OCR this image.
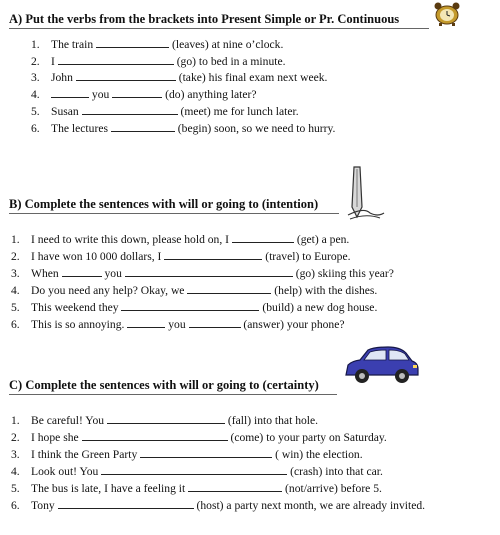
A) Put the verbs from the brackets into Present Simple or Pr. Continuous
1. The train	(leaves) at nine o’clock.
2. I	(go) to bed in a minute.
3. John	(take) his final exam next week.
4.	you	(do) anything later?
5. Susan	(meet) me for lunch later.
6. The lectures	(begin) soon, so we need to hurry.
B) Complete the sentences with will or going to (intention)
1. I need to write this down, please hold on, I	(get) a pen.
2. I have won 10 000 dollars, I	(travel) to Europe.
3. When	you	(go) skiing this year?
4. Do you need any help? Okay, we	(help) with the dishes.
5. This weekend they	(build) a new dog house.
6. This is so annoying.	you	(answer) your phone?
C) Complete the sentences with will or going to (certainty)
1. Be careful! You	(fall) into that hole.
2. I hope she	(come) to your party on Saturday.
3. I think the Green Party	( win) the election.
4. Look out! You	(crash) into that car.
5. The bus is late, I have a feeling it	(not/arrive) before 5.
6. Tony	(host) a party next month, we are already invited.
